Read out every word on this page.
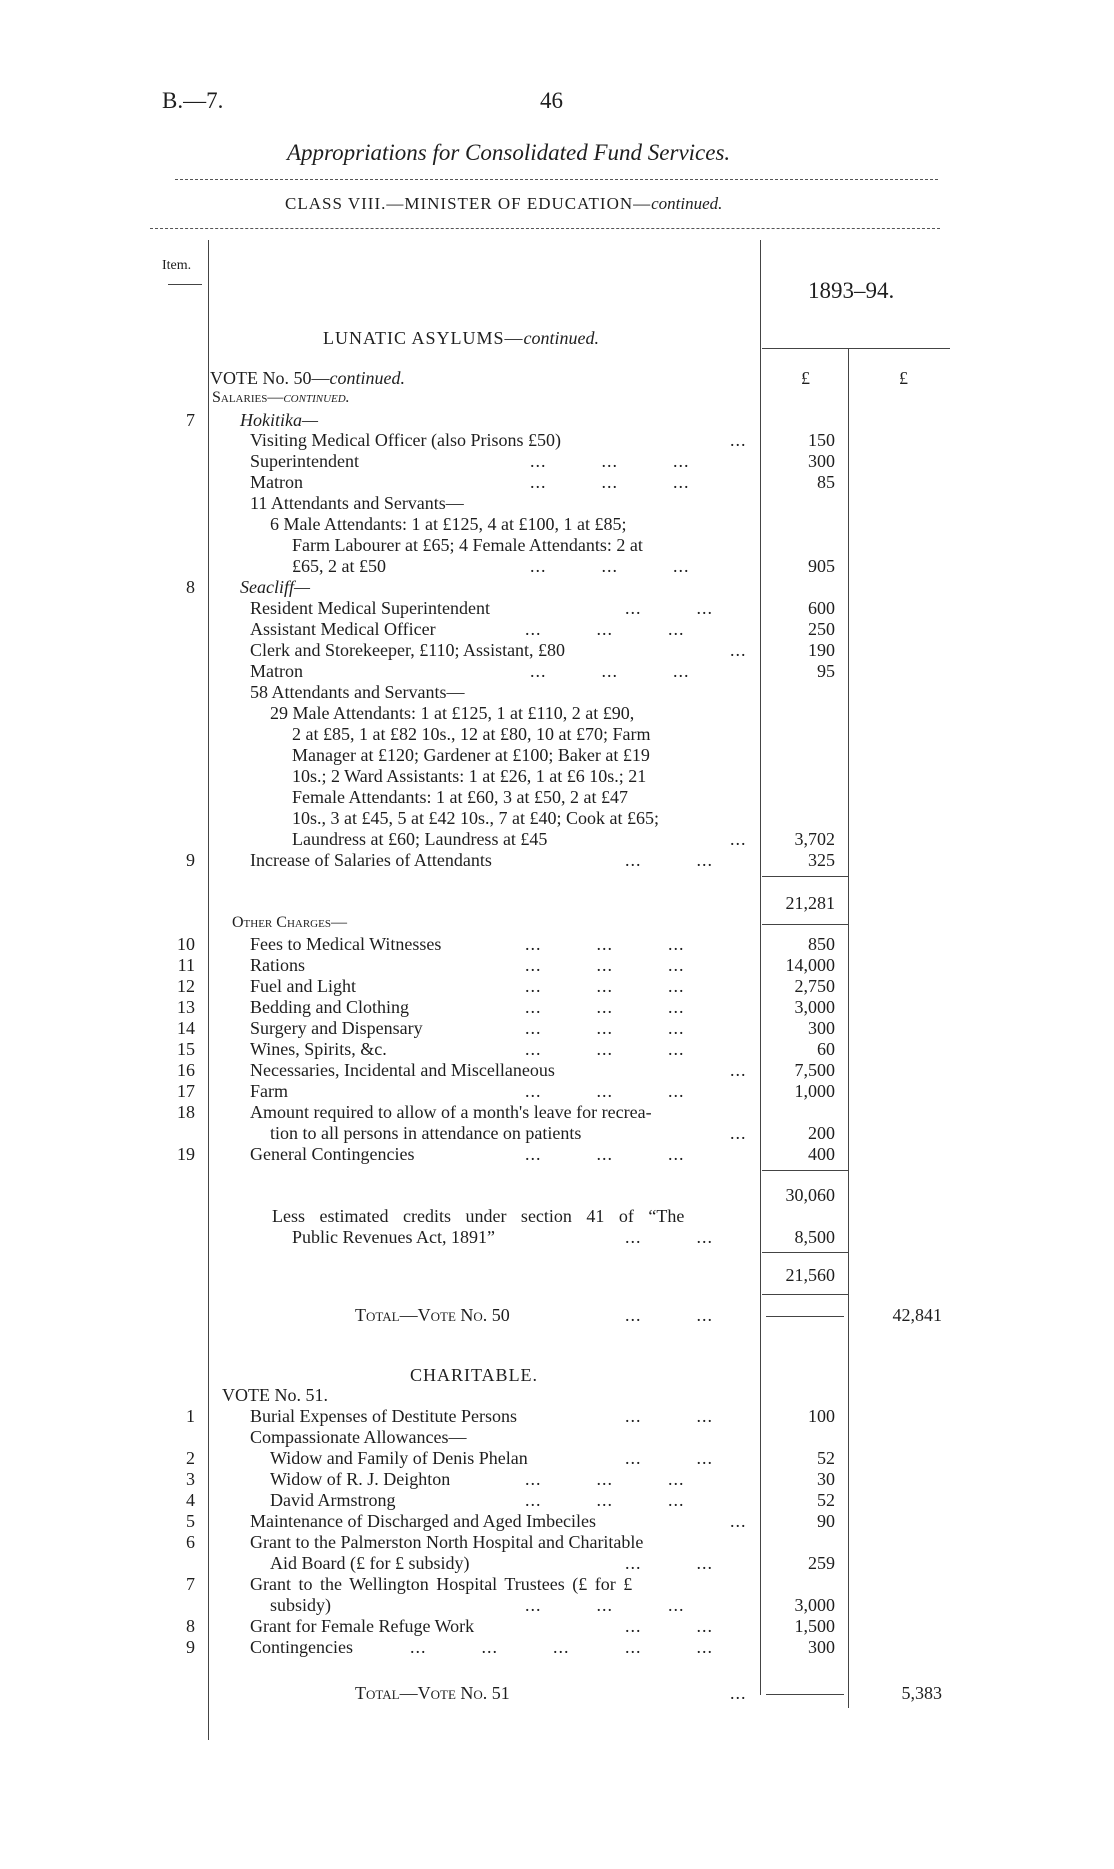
B.—7.	46
Appropriations for Consolidated Fund Services.
CLASS VIII.—MINISTER OF EDUCATION—continued.
Item.
1893–94.
LUNATIC ASYLUMS—continued.
VOTE No. 50—continued.	£	£
Salaries—continued.
7	Hokitika—
Visiting Medical Officer (also Prisons £50)	...	150
Superintendent	...          ...          ...	300
Matron	...          ...          ...	85
11 Attendants and Servants—
6 Male Attendants: 1 at £125, 4 at £100, 1 at £85;
Farm Labourer at £65; 4 Female Attendants: 2 at
£65, 2 at £50	...          ...          ...	905
8	Seacliff—
Resident Medical Superintendent	...          ...	600
Assistant Medical Officer	...          ...          ...	250
Clerk and Storekeeper, £110; Assistant, £80	...	190
Matron	...          ...          ...	95
58 Attendants and Servants—
29 Male Attendants: 1 at £125, 1 at £110, 2 at £90,
2 at £85, 1 at £82 10s., 12 at £80, 10 at £70; Farm
Manager at £120; Gardener at £100; Baker at £19
10s.; 2 Ward Assistants: 1 at £26, 1 at £6 10s.; 21
Female Attendants: 1 at £60, 3 at £50, 2 at £47
10s., 3 at £45, 5 at £42 10s., 7 at £40; Cook at £65;
Laundress at £60; Laundress at £45	...	3,702
9	Increase of Salaries of Attendants	...          ...	325
21,281
Other Charges—
10	Fees to Medical Witnesses	...          ...          ...	850
11	Rations	...          ...          ...	14,000
12	Fuel and Light	...          ...          ...	2,750
13	Bedding and Clothing	...          ...          ...	3,000
14	Surgery and Dispensary	...          ...          ...	300
15	Wines, Spirits, &c.	...          ...          ...	60
16	Necessaries, Incidental and Miscellaneous	...	7,500
17	Farm	...          ...          ...	1,000
18	Amount required to allow of a month's leave for recrea-
tion to all persons in attendance on patients	...	200
19	General Contingencies	...          ...          ...	400
30,060
Less estimated credits under section 41 of “The
Public Revenues Act, 1891”	...          ...	8,500
21,560
Total—Vote No. 50	...          ...	42,841
CHARITABLE.
VOTE No. 51.
1	Burial Expenses of Destitute Persons	...          ...	100
Compassionate Allowances—
2	Widow and Family of Denis Phelan	...          ...	52
3	Widow of R. J. Deighton	...          ...          ...	30
4	David Armstrong	...          ...          ...	52
5	Maintenance of Discharged and Aged Imbeciles	...	90
6	Grant to the Palmerston North Hospital and Charitable
Aid Board (£ for £ subsidy)	...          ...	259
7	Grant to the Wellington Hospital Trustees (£ for £
subsidy)	...          ...          ...	3,000
8	Grant for Female Refuge Work	...          ...	1,500
9	Contingencies	...          ...          ...	...          ...	300
Total—Vote No. 51	...	5,383
